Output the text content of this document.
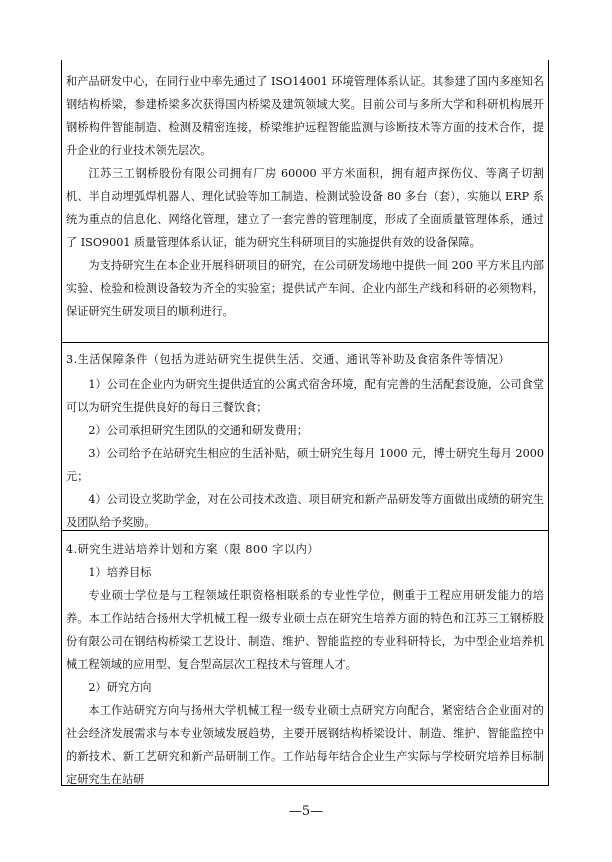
和产品研发中心，在同行业中率先通过了 ISO14001 环境管理体系认证。其参建了国内多座知名钢结构桥梁，参建桥梁多次获得国内桥梁及建筑领域大奖。目前公司与多所大学和科研机构展开钢桥构件智能制造、检测及精密连接，桥梁维护远程智能监测与诊断技术等方面的技术合作，提升企业的行业技术领先层次。

江苏三工钢桥股份有限公司拥有厂房 60000 平方米面积，拥有超声探伤仪、等离子切割机、半自动埋弧焊机器人、理化试验等加工制造、检测试验设备 80 多台（套），实施以 ERP 系统为重点的信息化、网络化管理，建立了一套完善的管理制度，形成了全面质量管理体系，通过了 ISO9001 质量管理体系认证，能为研究生科研项目的实施提供有效的设备保障。

为支持研究生在本企业开展科研项目的研究，在公司研发场地中提供一间 200 平方米且内部实验、检验和检测设备较为齐全的实验室；提供试产车间、企业内部生产线和科研的必须物料，保证研究生研发项目的顺利进行。

3.生活保障条件（包括为进站研究生提供生活、交通、通讯等补助及食宿条件等情况）

1）公司在企业内为研究生提供适宜的公寓式宿舍环境，配有完善的生活配套设施，公司食堂可以为研究生提供良好的每日三餐饮食；

2）公司承担研究生团队的交通和研发费用；

3）公司给予在站研究生相应的生活补贴，硕士研究生每月 1000 元，博士研究生每月 2000 元；

4）公司设立奖助学金，对在公司技术改造、项目研究和新产品研发等方面做出成绩的研究生及团队给予奖励。

4.研究生进站培养计划和方案（限 800 字以内）

1）培养目标

专业硕士学位是与工程领域任职资格相联系的专业性学位，侧重于工程应用研发能力的培养。本工作站结合扬州大学机械工程一级专业硕士点在研究生培养方面的特色和江苏三工钢桥股份有限公司在钢结构桥梁工艺设计、制造、维护、智能监控的专业科研特长，为中型企业培养机械工程领域的应用型、复合型高层次工程技术与管理人才。

2）研究方向

本工作站研究方向与扬州大学机械工程一级专业硕士点研究方向配合，紧密结合企业面对的社会经济发展需求与本专业领域发展趋势，主要开展钢结构桥梁设计、制造、维护、智能监控中的新技术、新工艺研究和新产品研制工作。工作站每年结合企业生产实际与学校研究培养目标制定研究生在站研

—5—
